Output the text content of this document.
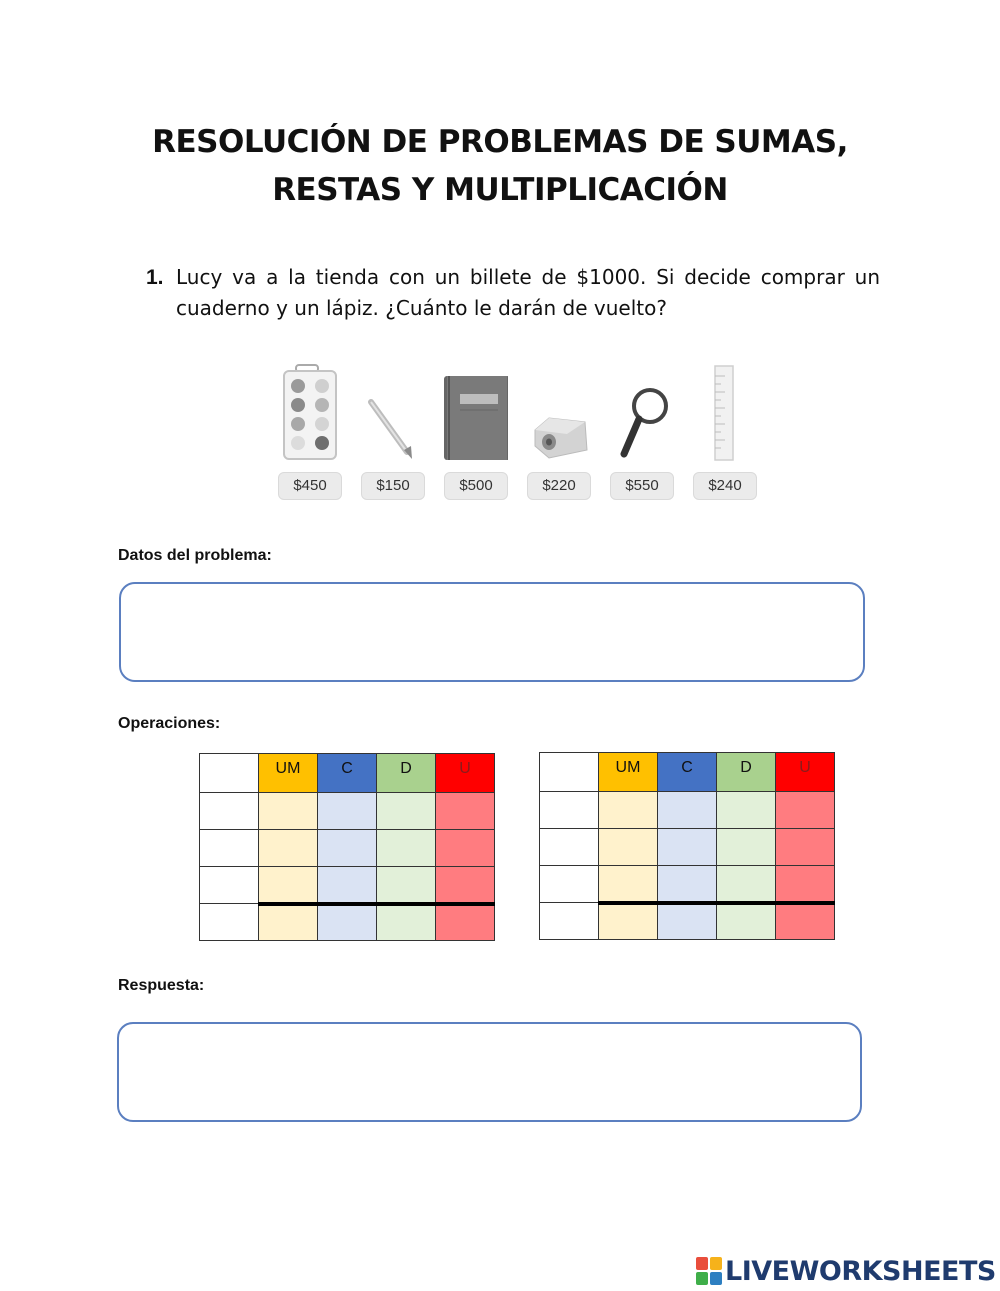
RESOLUCIÓN DE PROBLEMAS DE SUMAS,
RESTAS Y MULTIPLICACIÓN
1. Lucy va a la tienda con un billete de $1000. Si decide comprar un
cuaderno y un lápiz. ¿Cuánto le darán de vuelto?
$450	$150	$500	$220	$550	$240
Datos del problema:
Operaciones:
	UM	C	D	U

		UM	C	D	U

Respuesta:
LIVEWORKSHEETS
